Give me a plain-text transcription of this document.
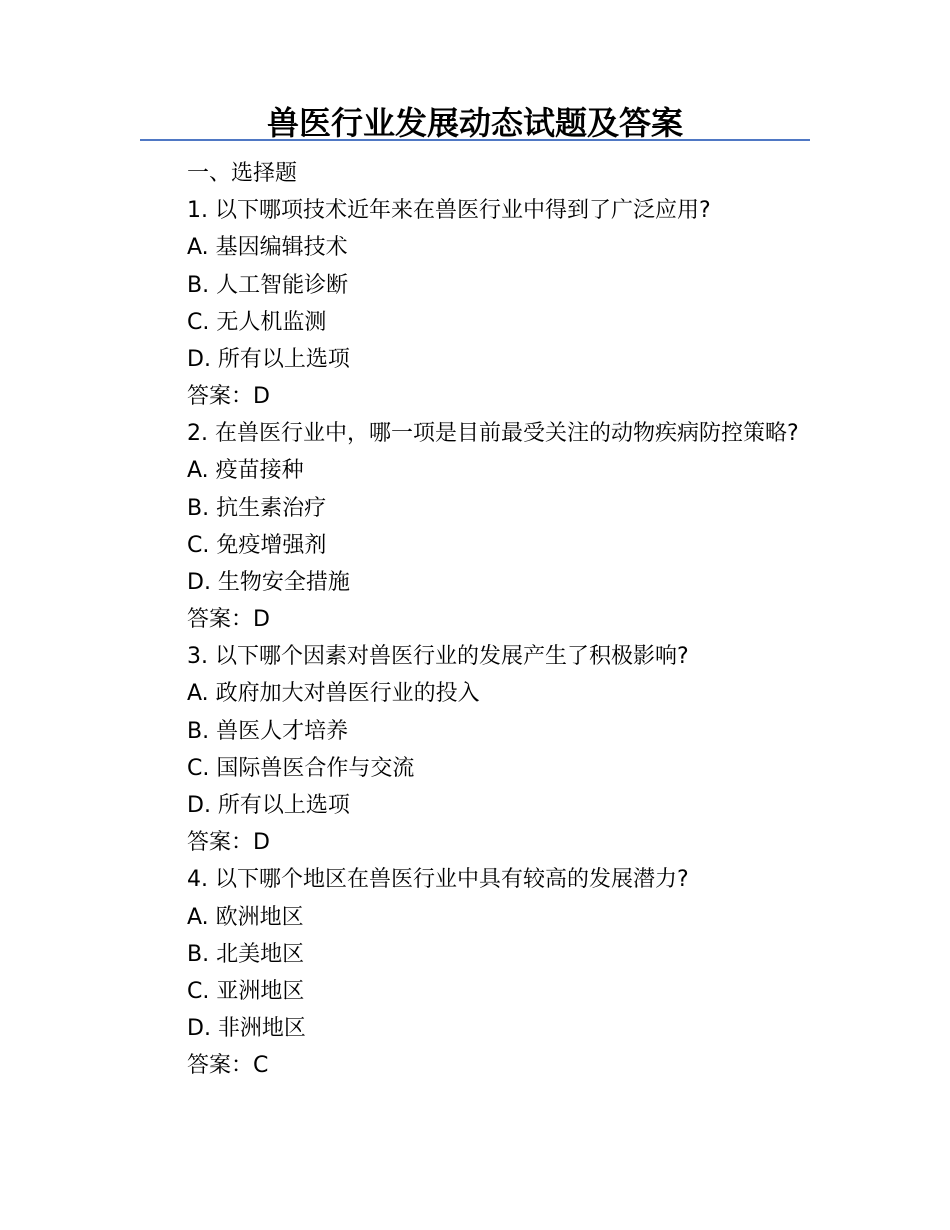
兽医行业发展动态试题及答案

一、选择题

1. 以下哪项技术近年来在兽医行业中得到了广泛应用?

A. 基因编辑技术

B. 人工智能诊断

C. 无人机监测

D. 所有以上选项

答案：D

2. 在兽医行业中，哪一项是目前最受关注的动物疾病防控策略?

A. 疫苗接种

B. 抗生素治疗

C. 免疫增强剂

D. 生物安全措施

答案：D

3. 以下哪个因素对兽医行业的发展产生了积极影响?

A. 政府加大对兽医行业的投入

B. 兽医人才培养

C. 国际兽医合作与交流

D. 所有以上选项

答案：D

4. 以下哪个地区在兽医行业中具有较高的发展潜力?

A. 欧洲地区

B. 北美地区

C. 亚洲地区

D. 非洲地区

答案：C
